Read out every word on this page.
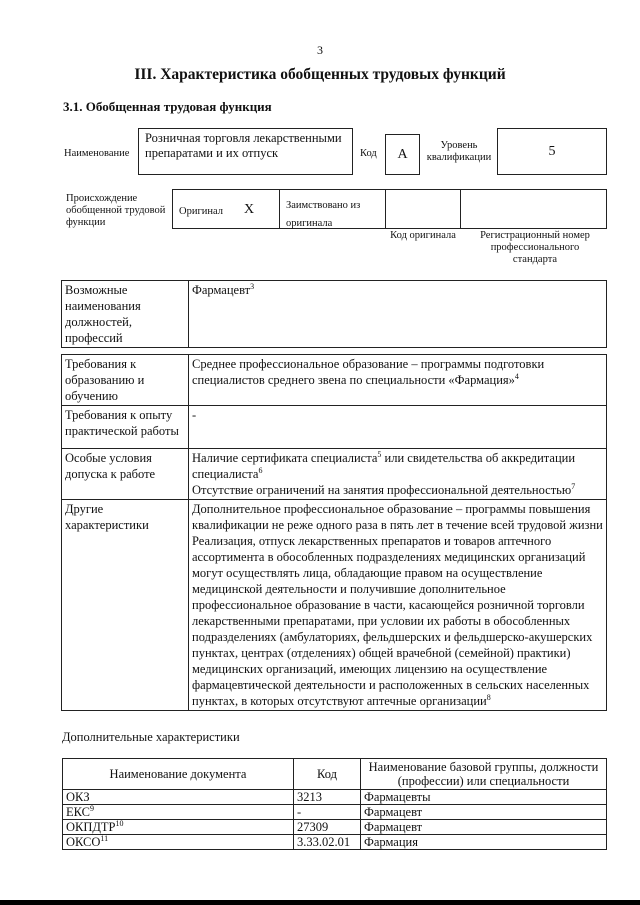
3
III. Характеристика обобщенных трудовых функций
3.1. Обобщенная трудовая функция
Наименование
Розничная торговля лекарственными препаратами и их отпуск	Код	А
Уровень квалификации	5
Происхождение обобщенной трудовой функции
Оригинал X	Заимствовано из оригинала
Код оригинала	Регистрационный номер профессионального стандарта
Возможные наименования должностей, профессий	Фармацевт$^3$
Требования к образованию и обучению	Среднее профессиональное образование – программы подготовки специалистов среднего звена по специальности «Фармация»$^4$
Требования к опыту практической работы	-
Особые условия допуска к работе	Наличие сертификата специалиста$^5$ или свидетельства об аккредитации специалиста$^6$
Отсутствие ограничений на занятия профессиональной деятельностью$^7$

Другие характеристики	Дополнительное профессиональное образование – программы повышения квалификации не реже одного раза в пять лет в течение всей трудовой жизни
Реализация, отпуск лекарственных препаратов и товаров аптечного ассортимента в обособленных подразделениях медицинских организаций могут осуществлять лица, обладающие правом на осуществление медицинской деятельности и получившие дополнительное профессиональное образование в части, касающейся розничной торговли лекарственными препаратами, при условии их работы в обособленных подразделениях (амбулаториях, фельдшерских и фельдшерско-акушерских пунктах, центрах (отделениях) общей врачебной (семейной) практики) медицинских организаций, имеющих лицензию на осуществление фармацевтической деятельности и расположенных в сельских населенных пунктах, в которых отсутствуют аптечные организации$^8$
Дополнительные характеристики
Наименование документа	Код	Наименование базовой группы, должности (профессии) или специальности
ОКЗ	3213	Фармацевты
ЕКС$^9$	-	Фармацевт
ОКПДТР$^{10}$	27309	Фармацевт
ОКСО$^{11}$	3.33.02.01	Фармация
